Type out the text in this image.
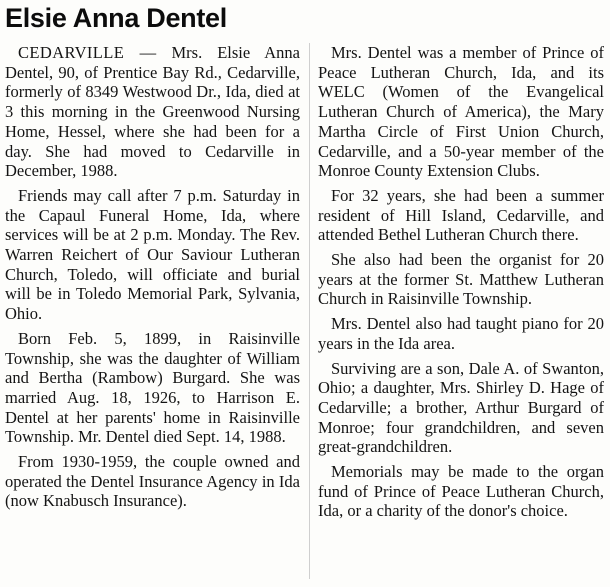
Elsie Anna Dentel

CEDARVILLE — Mrs. Elsie Anna Dentel, 90, of Prentice Bay Rd., Cedarville, formerly of 8349 Westwood Dr., Ida, died at 3 this morning in the Greenwood Nursing Home, Hessel, where she had been for a day. She had moved to Cedarville in December, 1988.

Friends may call after 7 p.m. Saturday in the Capaul Funeral Home, Ida, where services will be at 2 p.m. Monday. The Rev. Warren Reichert of Our Saviour Lutheran Church, Toledo, will officiate and burial will be in Toledo Memorial Park, Sylvania, Ohio.

Born Feb. 5, 1899, in Raisinville Township, she was the daughter of William and Bertha (Rambow) Burgard. She was married Aug. 18, 1926, to Harrison E. Dentel at her parents' home in Raisinville Township. Mr. Dentel died Sept. 14, 1988.

From 1930-1959, the couple owned and operated the Dentel Insurance Agency in Ida (now Knabusch Insurance).

Mrs. Dentel was a member of Prince of Peace Lutheran Church, Ida, and its WELC (Women of the Evangelical Lutheran Church of America), the Mary Martha Circle of First Union Church, Cedarville, and a 50-year member of the Monroe County Extension Clubs.

For 32 years, she had been a summer resident of Hill Island, Cedarville, and attended Bethel Lutheran Church there.

She also had been the organist for 20 years at the former St. Matthew Lutheran Church in Raisinville Township.

Mrs. Dentel also had taught piano for 20 years in the Ida area.

Surviving are a son, Dale A. of Swanton, Ohio; a daughter, Mrs. Shirley D. Hage of Cedarville; a brother, Arthur Burgard of Monroe; four grandchildren, and seven great-grandchildren.

Memorials may be made to the organ fund of Prince of Peace Lutheran Church, Ida, or a charity of the donor's choice.
